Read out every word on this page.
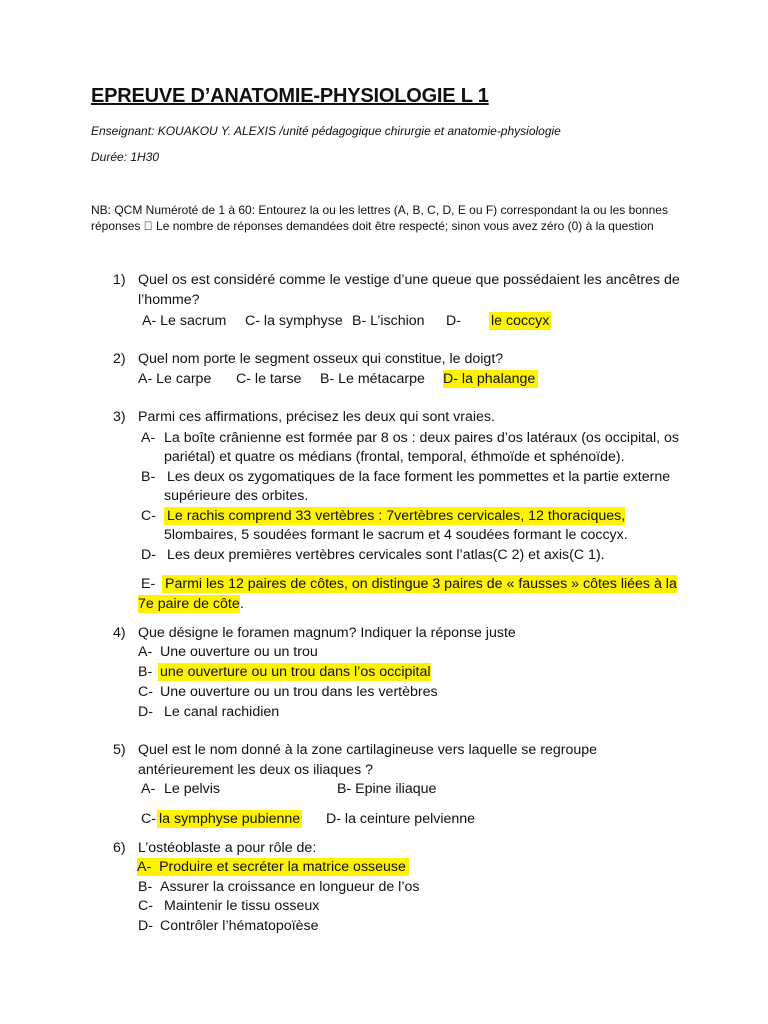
EPREUVE D’ANATOMIE-PHYSIOLOGIE L 1
Enseignant: KOUAKOU Y. ALEXIS /unité pédagogique chirurgie et anatomie-physiologie
Durée: 1H30
NB: QCM Numéroté de 1 à 60: Entourez la ou les lettres (A, B, C, D, E ou F) correspondant la ou les bonnes
réponses   Le nombre de réponses demandées doit être respecté; sinon vous avez zéro (0) à la question
1) Quel os est considéré comme le vestige d’une queue que possédaient les ancêtres de
l’homme?
A- Le sacrum C- la symphyse B- L’ischion D- le coccyx
2) Quel nom porte le segment osseux qui constitue, le doigt?
A- Le carpe C- le tarse B- Le métacarpe D- la phalange
3) Parmi ces affirmations, précisez les deux qui sont vraies.
A- La boîte crânienne est formée par 8 os : deux paires d’os latéraux (os occipital, os
pariétal) et quatre os médians (frontal, temporal, éthmoïde et sphénoïde).
B- Les deux os zygomatiques de la face forment les pommettes et la partie externe
supérieure des orbites.
C- Le rachis comprend 33 vertèbres : 7vertèbres cervicales, 12 thoraciques,
5lombaires, 5 soudées formant le sacrum et 4 soudées formant le coccyx.
D- Les deux premières vertèbres cervicales sont l’atlas(C 2) et axis(C 1).
E- Parmi les 12 paires de côtes, on distingue 3 paires de « fausses » côtes liées à la
7e paire de côte .
4) Que désigne le foramen magnum? Indiquer la réponse juste
A- Une ouverture ou un trou
B- une ouverture ou un trou dans l’os occipital
C- Une ouverture ou un trou dans les vertèbres
D- Le canal rachidien
5) Quel est le nom donné à la zone cartilagineuse vers laquelle se regroupe
antérieurement les deux os iliaques ?
A- Le pelvis	B- Epine iliaque
C- la symphyse pubienne D- la ceinture pelvienne
6) L’ostéoblaste a pour rôle de:
A- Produire et secréter la matrice osseuse
B- Assurer la croissance en longueur de l’os
C- Maintenir le tissu osseux
D- Contrôler l’hématopoïèse
